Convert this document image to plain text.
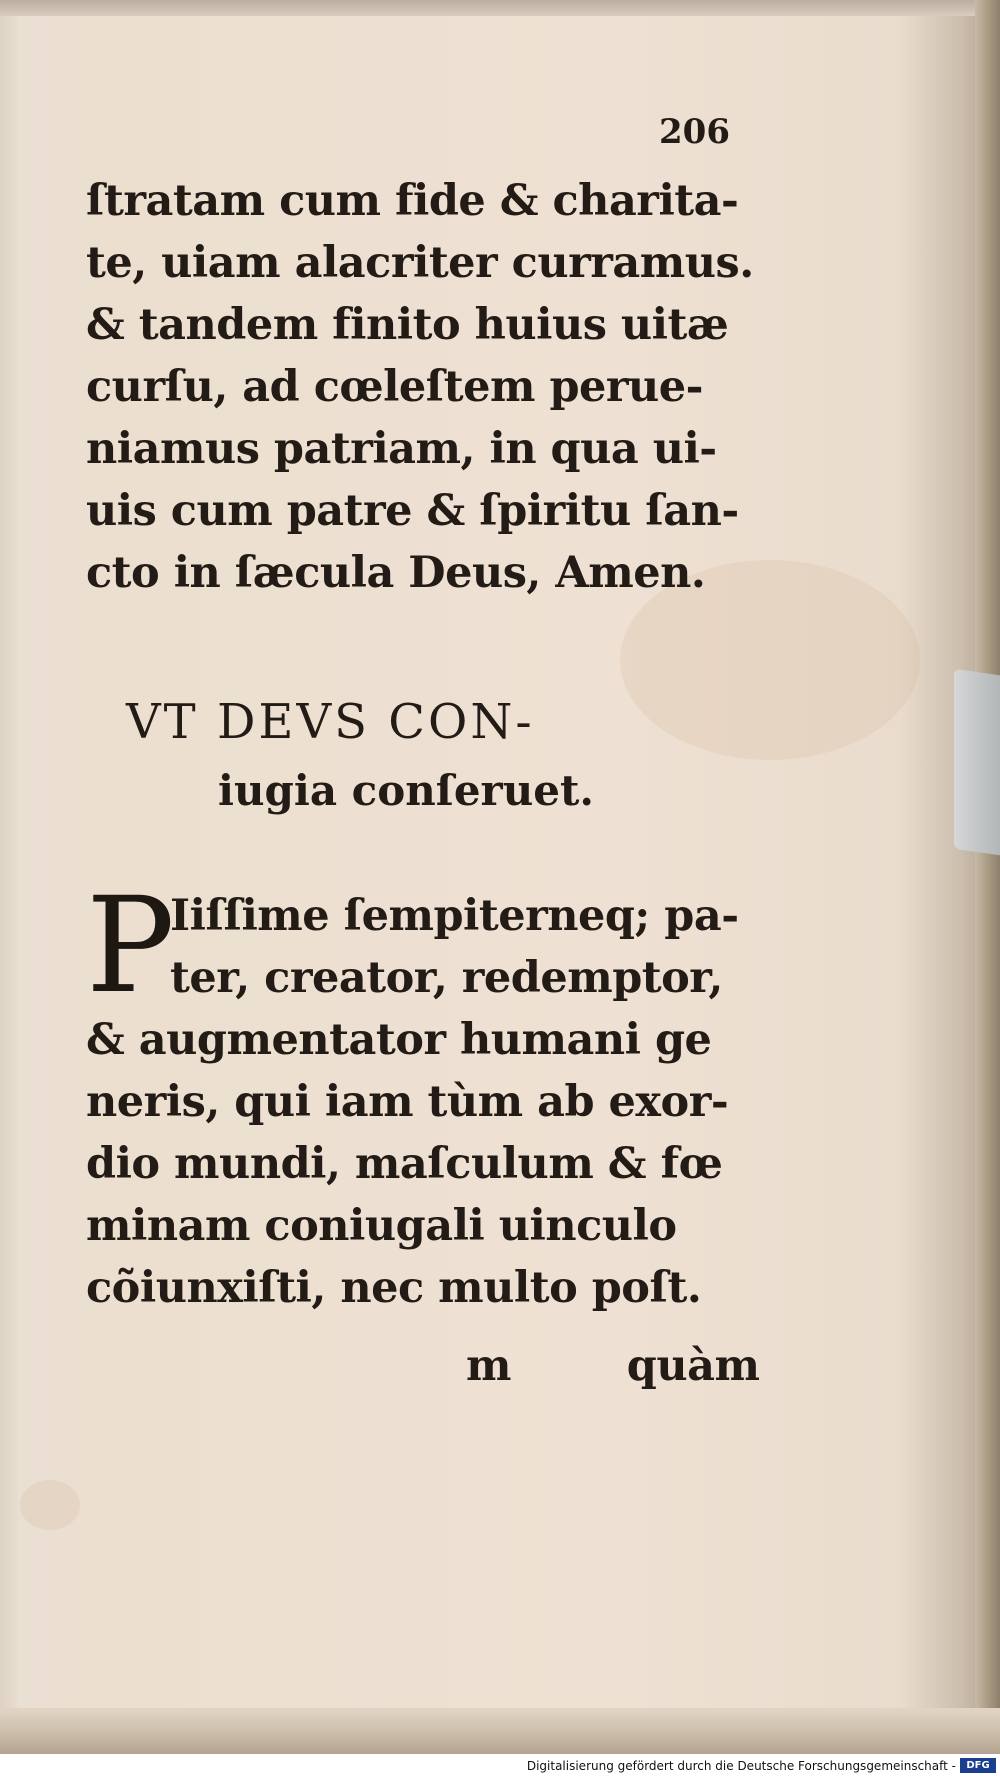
206
ſtratam cum fide & charita-
te, uiam alacriter curramus.
& tandem finito huius uitæ
curſu, ad cœleſtem perue-
niamus patriam, in qua ui-
uis cum patre & ſpiritu ſan-
cto in ſæcula Deus, Amen.
VT DEVS CON-
iugia conſeruet.
P
Iiſſime ſempiterneq; pa-
ter, creator, redemptor,
& augmentator humani ge
neris, qui iam tùm ab exor-
dio mundi, maſculum & fœ
minam coniugali uinculo
cõiunxiſti, nec multo poſt.
m        quàm
Digitalisierung gefördert durch die Deutsche Forschungsgemeinschaft -	DFG
